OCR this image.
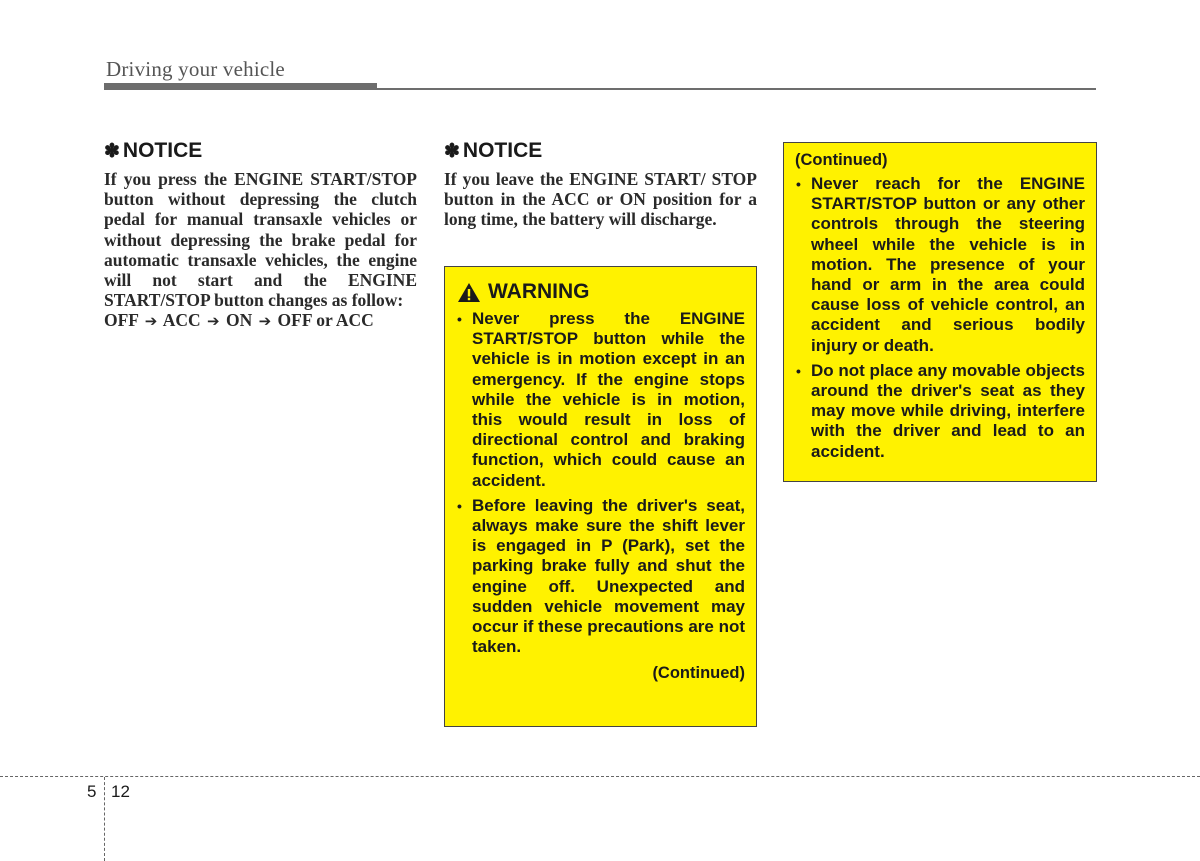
Driving your vehicle
✽ NOTICE

If you press the ENGINE START/STOP button without depressing the clutch pedal for manual transaxle vehicles or without depressing the brake pedal for automatic transaxle vehicles, the engine will not start and the ENGINE START/STOP button changes as follow:

OFF ➔ ACC ➔ ON ➔ OFF or ACC
✽ NOTICE

If you leave the ENGINE START/ STOP button in the ACC or ON position for a long time, the battery will discharge.

WARNING
• Never press the ENGINE START/STOP button while the vehicle is in motion except in an emergency. If the engine stops while the vehicle is in motion, this would result in loss of directional control and braking function, which could cause an accident.
• Before leaving the driver's seat, always make sure the shift lever is engaged in P (Park), set the parking brake fully and shut the engine off. Unexpected and sudden vehicle movement may occur if these precautions are not taken.
(Continued)
(Continued)
• Never reach for the ENGINE START/STOP button or any other controls through the steering wheel while the vehicle is in motion. The presence of your hand or arm in the area could cause loss of vehicle control, an accident and serious bodily injury or death.
• Do not place any movable objects around the driver's seat as they may move while driving, interfere with the driver and lead to an accident.
5 12
